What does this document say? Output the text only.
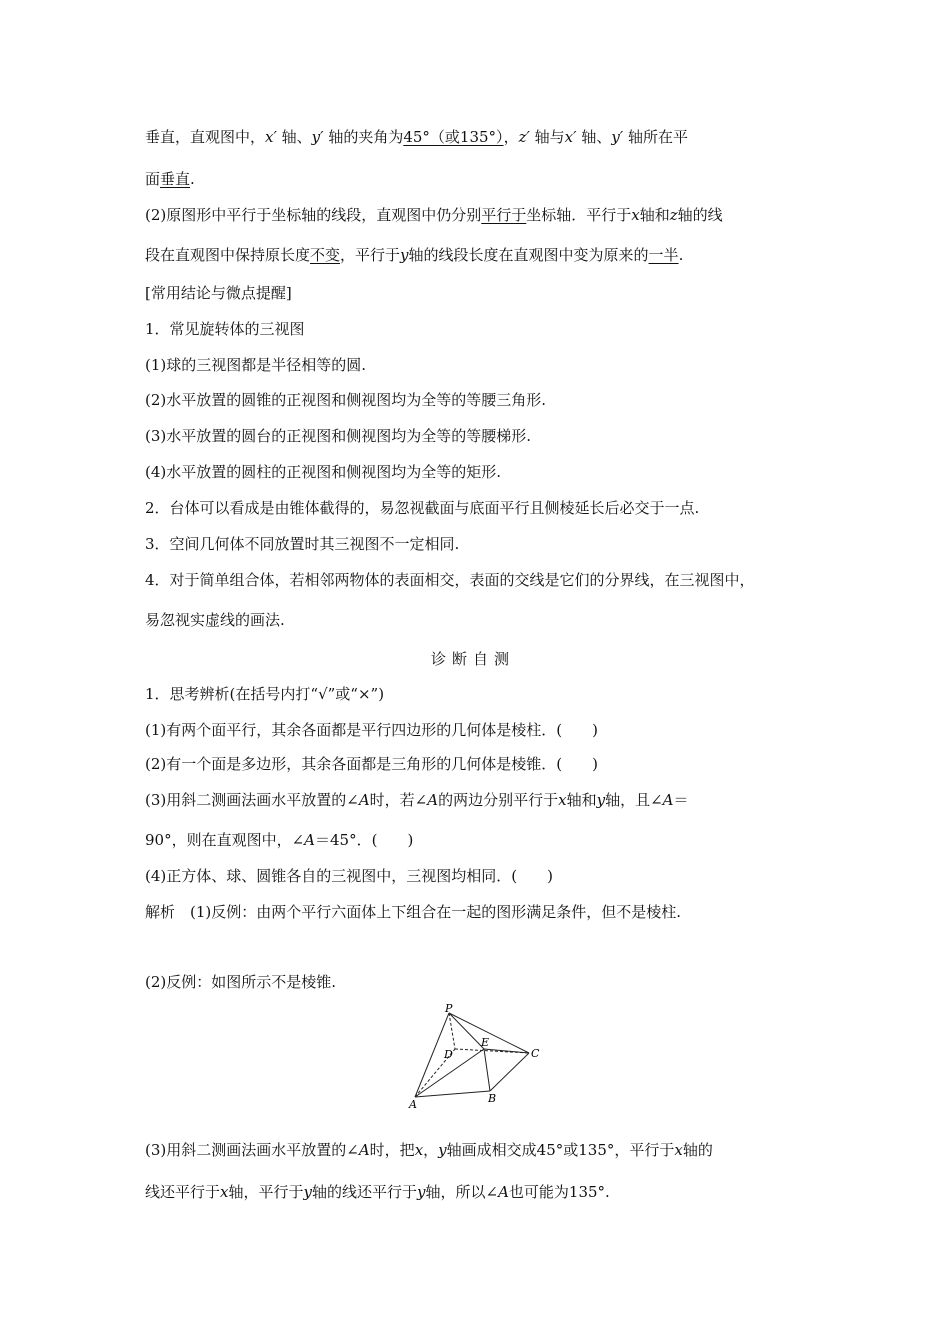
垂直，直观图中，x′ 轴、y′ 轴的夹角为45°（或135°），z′ 轴与x′ 轴、y′ 轴所在平
面垂直.
(2)原图形中平行于坐标轴的线段，直观图中仍分别平行于坐标轴．平行于x轴和z轴的线
段在直观图中保持原长度不变，平行于y轴的线段长度在直观图中变为原来的一半.
[常用结论与微点提醒]
1．常见旋转体的三视图
(1)球的三视图都是半径相等的圆.
(2)水平放置的圆锥的正视图和侧视图均为全等的等腰三角形.
(3)水平放置的圆台的正视图和侧视图均为全等的等腰梯形.
(4)水平放置的圆柱的正视图和侧视图均为全等的矩形.
2．台体可以看成是由锥体截得的，易忽视截面与底面平行且侧棱延长后必交于一点.
3．空间几何体不同放置时其三视图不一定相同.
4．对于简单组合体，若相邻两物体的表面相交，表面的交线是它们的分界线，在三视图中，
易忽视实虚线的画法.
诊断自测
1．思考辨析(在括号内打“√”或“×”)
(1)有两个面平行，其余各面都是平行四边形的几何体是棱柱．(　　)
(2)有一个面是多边形，其余各面都是三角形的几何体是棱锥．(　　)
(3)用斜二测画法画水平放置的∠A时，若∠A的两边分别平行于x轴和y轴，且∠A＝
90°，则在直观图中，∠A＝45°．(　　)
(4)正方体、球、圆锥各自的三视图中，三视图均相同．(　　)
解析　(1)反例：由两个平行六面体上下组合在一起的图形满足条件，但不是棱柱.
(2)反例：如图所示不是棱锥.
P
D
E
C
A	B
(3)用斜二测画法画水平放置的∠A时，把x，y轴画成相交成45°或135°，平行于x轴的
线还平行于x轴，平行于y轴的线还平行于y轴，所以∠A也可能为135°.
